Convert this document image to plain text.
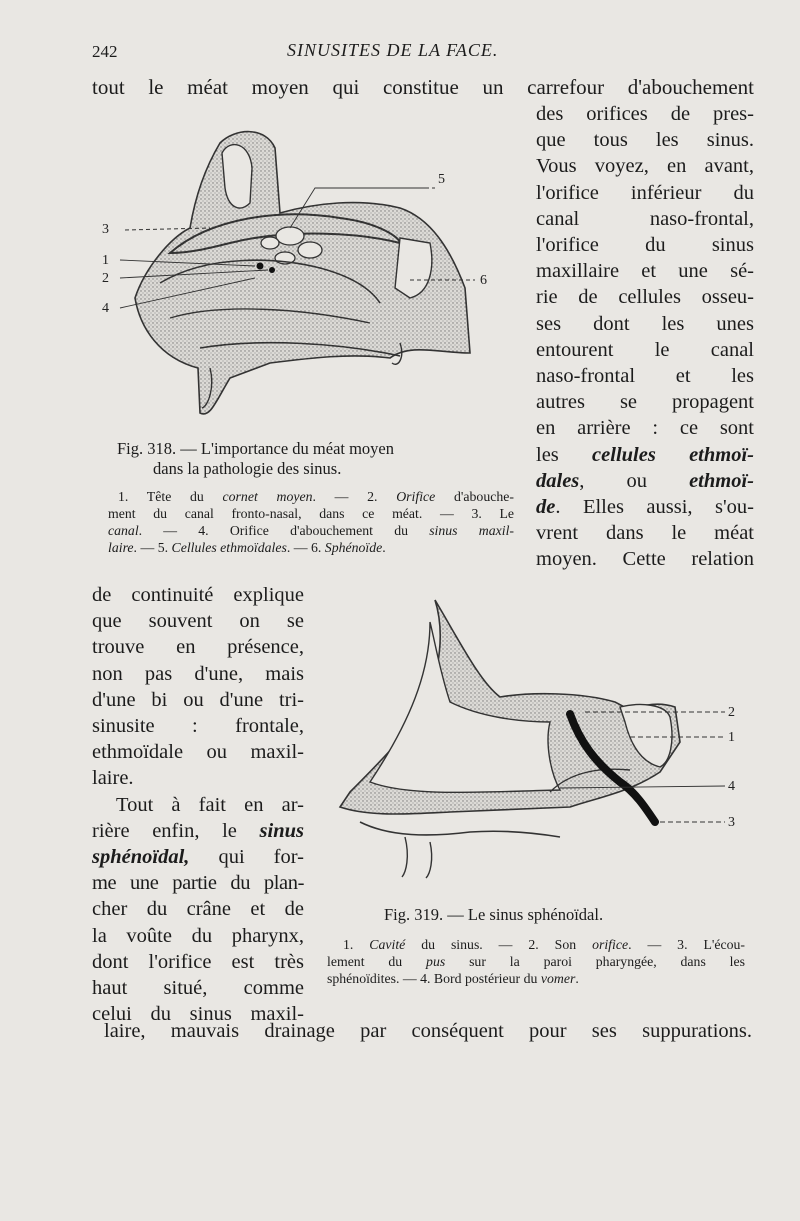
242	SINUSITES DE LA FACE.
tout le méat moyen qui constitue un carrefour d'abouchement

des orifices de pres-

que tous les sinus.

Vous voyez, en avant,

l'orifice inférieur du

canal naso-frontal,

l'orifice du sinus

maxillaire et une sé-

rie de cellules osseu-

ses dont les unes

entourent le canal

naso-frontal et les

autres se propagent

en arrière : ce sont

les cellules ethmoï-

dales, ou ethmoï-

de. Elles aussi, s'ou-

vrent dans le méat

moyen. Cette relation

3
1
2
4
5
6
Fig. 318. — L'importance du méat moyen
dans la pathologie des sinus.
1. Tête du cornet moyen. — 2. Orifice d'abouche-
ment du canal fronto-nasal, dans ce méat. — 3. Le
canal. — 4. Orifice d'abouchement du sinus maxil-
laire. — 5. Cellules ethmoïdales. — 6. Sphénoïde.

de continuité explique

que souvent on se

trouve en présence,

non pas d'une, mais

d'une bi ou d'une tri-

sinusite : frontale,

ethmoïdale ou maxil-

laire.

Tout à fait en ar-

rière enfin, le sinus

sphénoïdal, qui for-

me une partie du plan-

cher du crâne et de

la voûte du pharynx,

dont l'orifice est très

haut situé, comme

celui du sinus maxil-

2
1
4
3
Fig. 319. — Le sinus sphénoïdal.
1. Cavité du sinus. — 2. Son orifice. — 3. L'écou-
lement du pus sur la paroi pharyngée, dans les
sphénoïdites. — 4. Bord postérieur du vomer.
laire, mauvais drainage par conséquent pour ses suppurations.
